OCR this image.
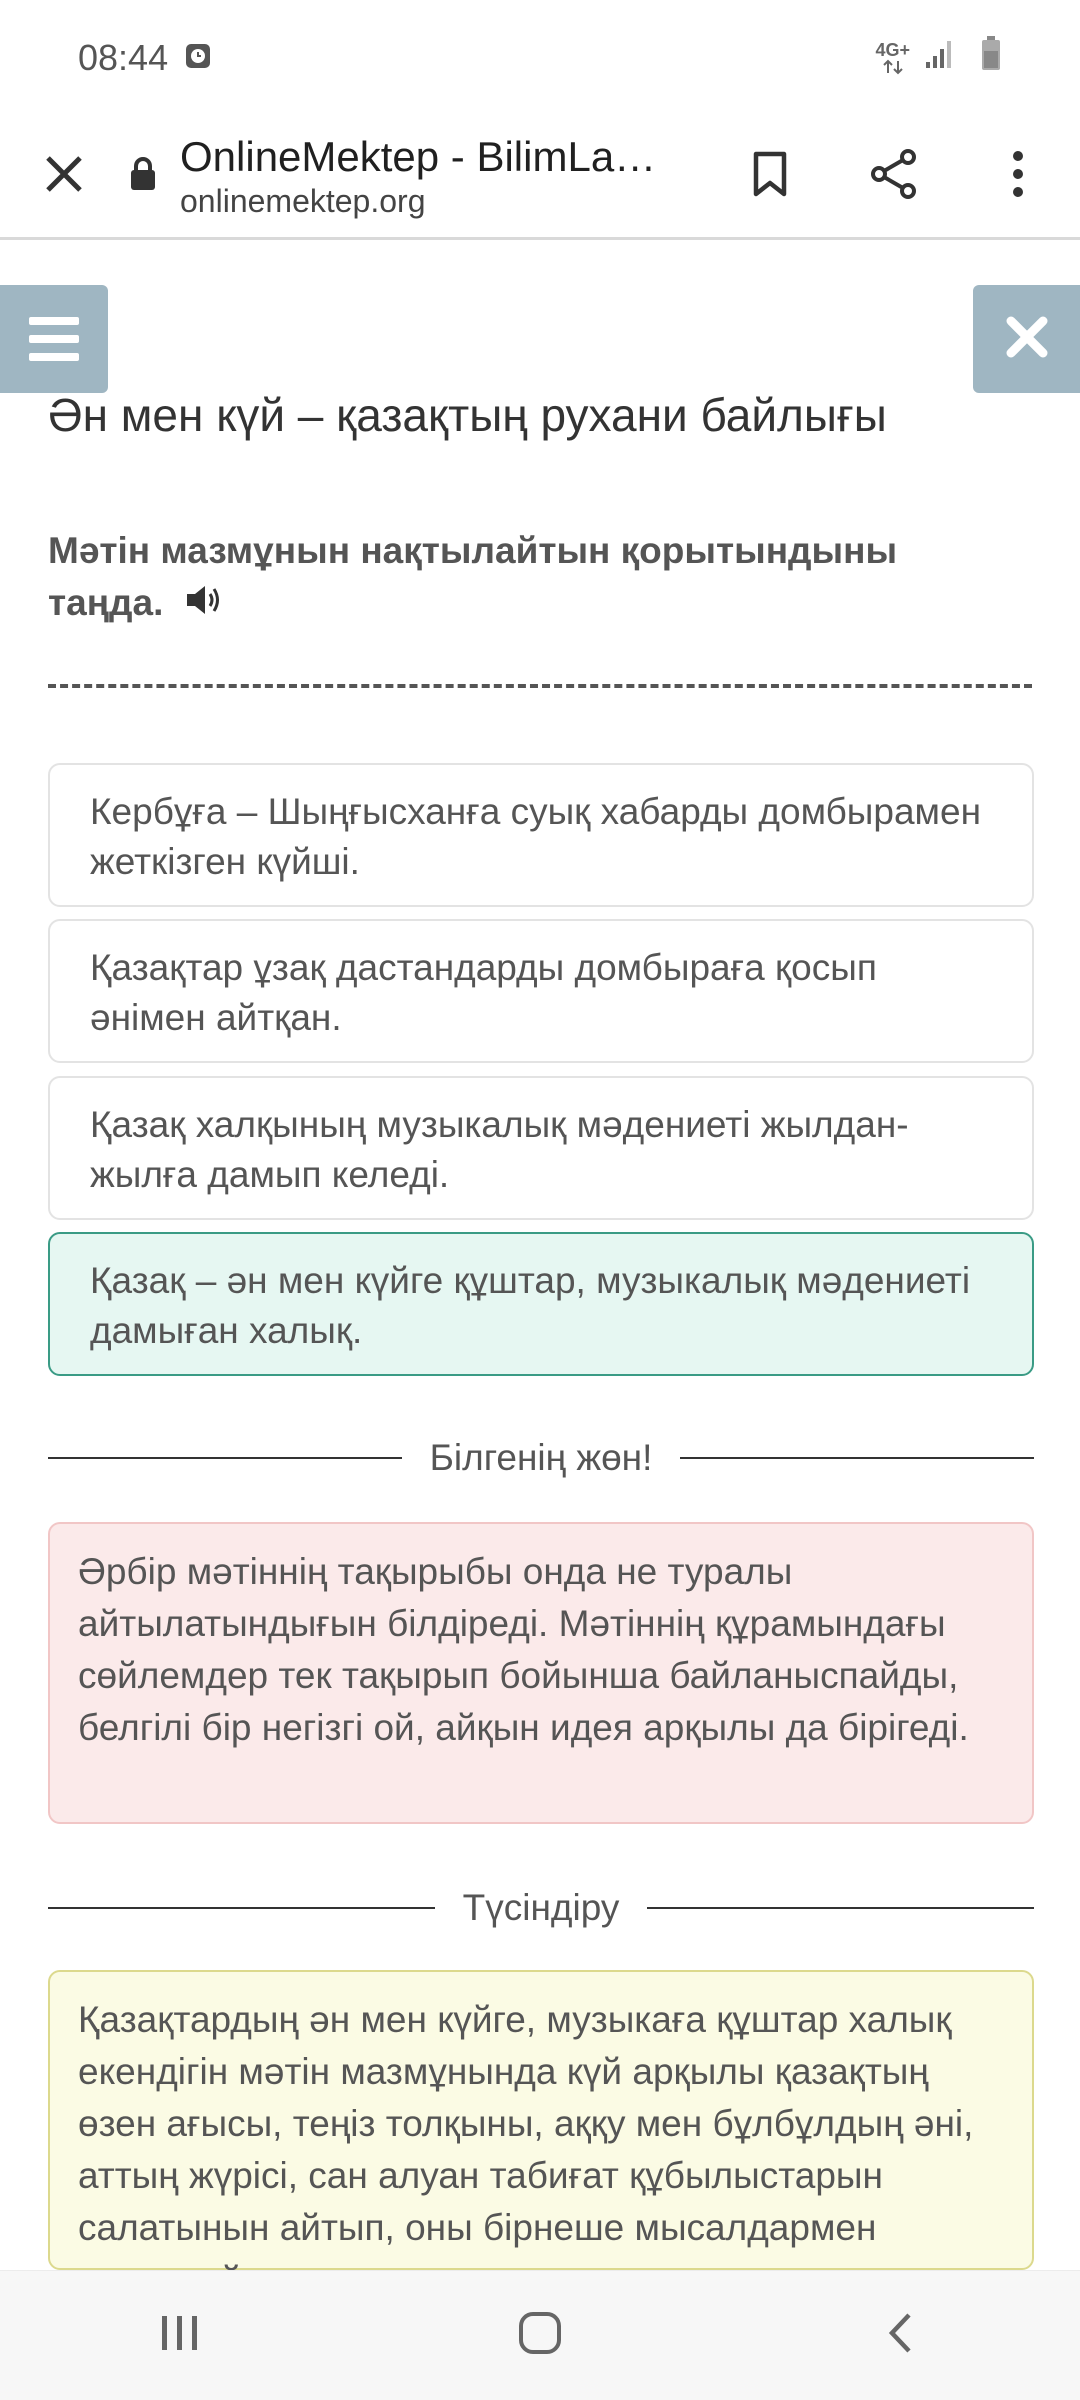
08:44	4G+
OnlineMektep - BilimLa…
onlinemektep.org
Ән мен күй – қазақтың рухани байлығы
Мәтін мазмұнын нақтылайтын қорытындыны таңда.
Кербұға – Шыңғысханға суық хабарды домбырамен жеткізген күйші.
Қазақтар ұзақ дастандарды домбыраға қосып әнімен айтқан.
Қазақ халқының музыкалық мәдениеті жылдан-жылға дамып келеді.
Қазақ – ән мен күйге құштар, музыкалық мәдениеті дамыған халық.
Білгенің жөн!
Әрбір мәтіннің тақырыбы онда не туралы айтылатындығын білдіреді. Мәтіннің құрамындағы сөйлемдер тек тақырып бойынша байланыспайды, белгілі бір негізгі ой, айқын идея арқылы да бірігеді.
Түсіндіру
Қазақтардың ән мен күйге, музыкаға құштар халық екендігін мәтін мазмұнында күй арқылы қазақтың өзен ағысы, теңіз толқыны, аққу мен бұлбұлдың әні, аттың жүрісі, сан алуан табиғат құбылыстарын салатынын айтып, оны бірнеше мысалдармен
